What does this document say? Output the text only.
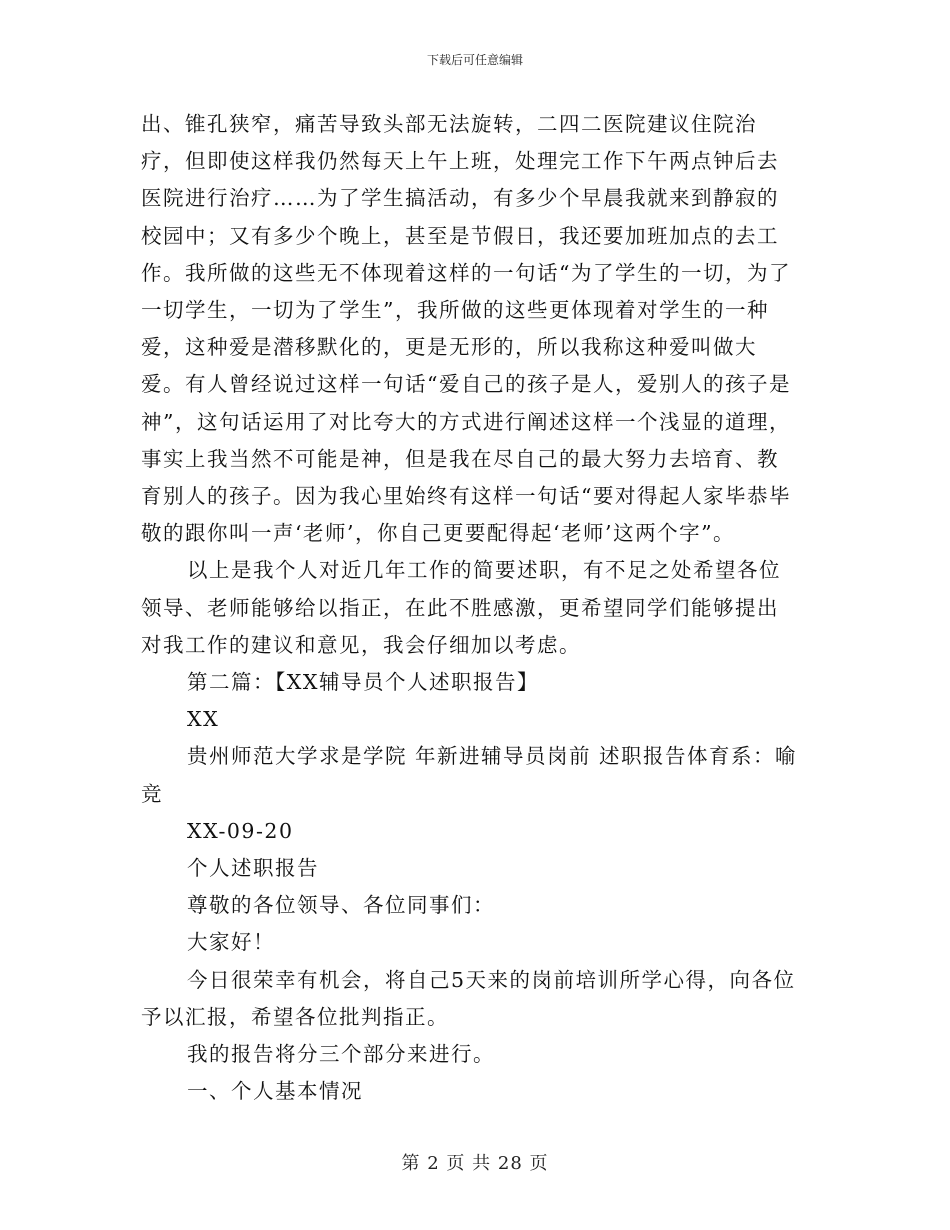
下载后可任意编辑

出、锥孔狭窄，痛苦导致头部无法旋转，二四二医院建议住院治疗，但即使这样我仍然每天上午上班，处理完工作下午两点钟后去医院进行治疗……为了学生搞活动，有多少个早晨我就来到静寂的校园中；又有多少个晚上，甚至是节假日，我还要加班加点的去工作。我所做的这些无不体现着这样的一句话“为了学生的一切，为了一切学生，一切为了学生”，我所做的这些更体现着对学生的一种爱，这种爱是潜移默化的，更是无形的，所以我称这种爱叫做大爱。有人曾经说过这样一句话“爱自己的孩子是人，爱别人的孩子是神”，这句话运用了对比夸大的方式进行阐述这样一个浅显的道理，事实上我当然不可能是神，但是我在尽自己的最大努力去培育、教育别人的孩子。因为我心里始终有这样一句话“要对得起人家毕恭毕敬的跟你叫一声‘老师’，你自己更要配得起‘老师’这两个字”。

以上是我个人对近几年工作的简要述职，有不足之处希望各位领导、老师能够给以指正，在此不胜感激，更希望同学们能够提出对我工作的建议和意见，我会仔细加以考虑。

第二篇：【XX辅导员个人述职报告】

XX

贵州师范大学求是学院 年新进辅导员岗前 述职报告体育系：喻竞

XX-09-20

个人述职报告

尊敬的各位领导、各位同事们：

大家好！

今日很荣幸有机会，将自己5天来的岗前培训所学心得，向各位予以汇报，希望各位批判指正。

我的报告将分三个部分来进行。

一、个人基本情况

第 2 页 共 28 页
